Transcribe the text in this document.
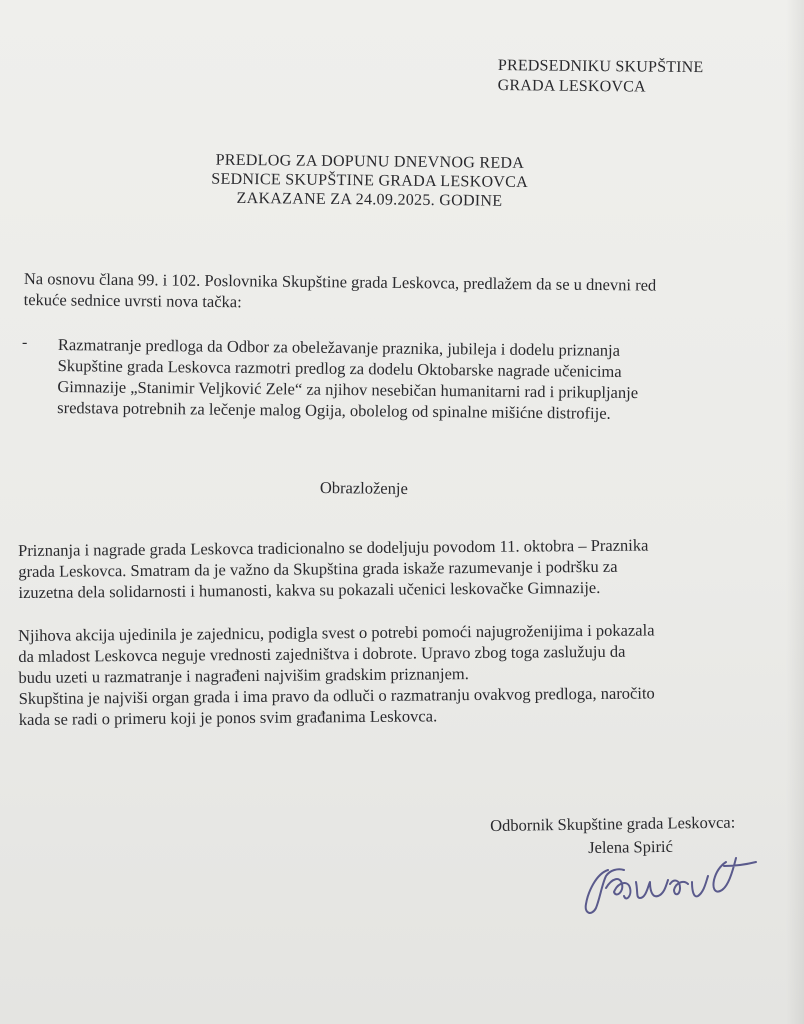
PREDSEDNIKU SKUPŠTINE
GRADA LESKOVCA
PREDLOG ZA DOPUNU DNEVNOG REDA
SEDNICE SKUPŠTINE GRADA LESKOVCA
ZAKAZANE ZA 24.09.2025. GODINE
Na osnovu člana 99. i 102. Poslovnika Skupštine grada Leskovca, predlažem da se u dnevni red
tekuće sednice uvrsti nova tačka:
- Razmatranje predloga da Odbor za obeležavanje praznika, jubileja i dodelu priznanja
Skupštine grada Leskovca razmotri predlog za dodelu Oktobarske nagrade učenicima
Gimnazije „Stanimir Veljković Zele“ za njihov nesebičan humanitarni rad i prikupljanje
sredstava potrebnih za lečenje malog Ogija, obolelog od spinalne mišićne distrofije.
Obrazloženje
Priznanja i nagrade grada Leskovca tradicionalno se dodeljuju povodom 11. oktobra – Praznika
grada Leskovca. Smatram da je važno da Skupština grada iskaže razumevanje i podršku za
izuzetna dela solidarnosti i humanosti, kakva su pokazali učenici leskovačke Gimnazije.
Njihova akcija ujedinila je zajednicu, podigla svest o potrebi pomoći najugroženijima i pokazala
da mladost Leskovca neguje vrednosti zajedništva i dobrote. Upravo zbog toga zaslužuju da
budu uzeti u razmatranje i nagrađeni najvišim gradskim priznanjem.
Skupština je najviši organ grada i ima pravo da odluči o razmatranju ovakvog predloga, naročito
kada se radi o primeru koji je ponos svim građanima Leskovca.
Odbornik Skupštine grada Leskovca:
Jelena Spirić
